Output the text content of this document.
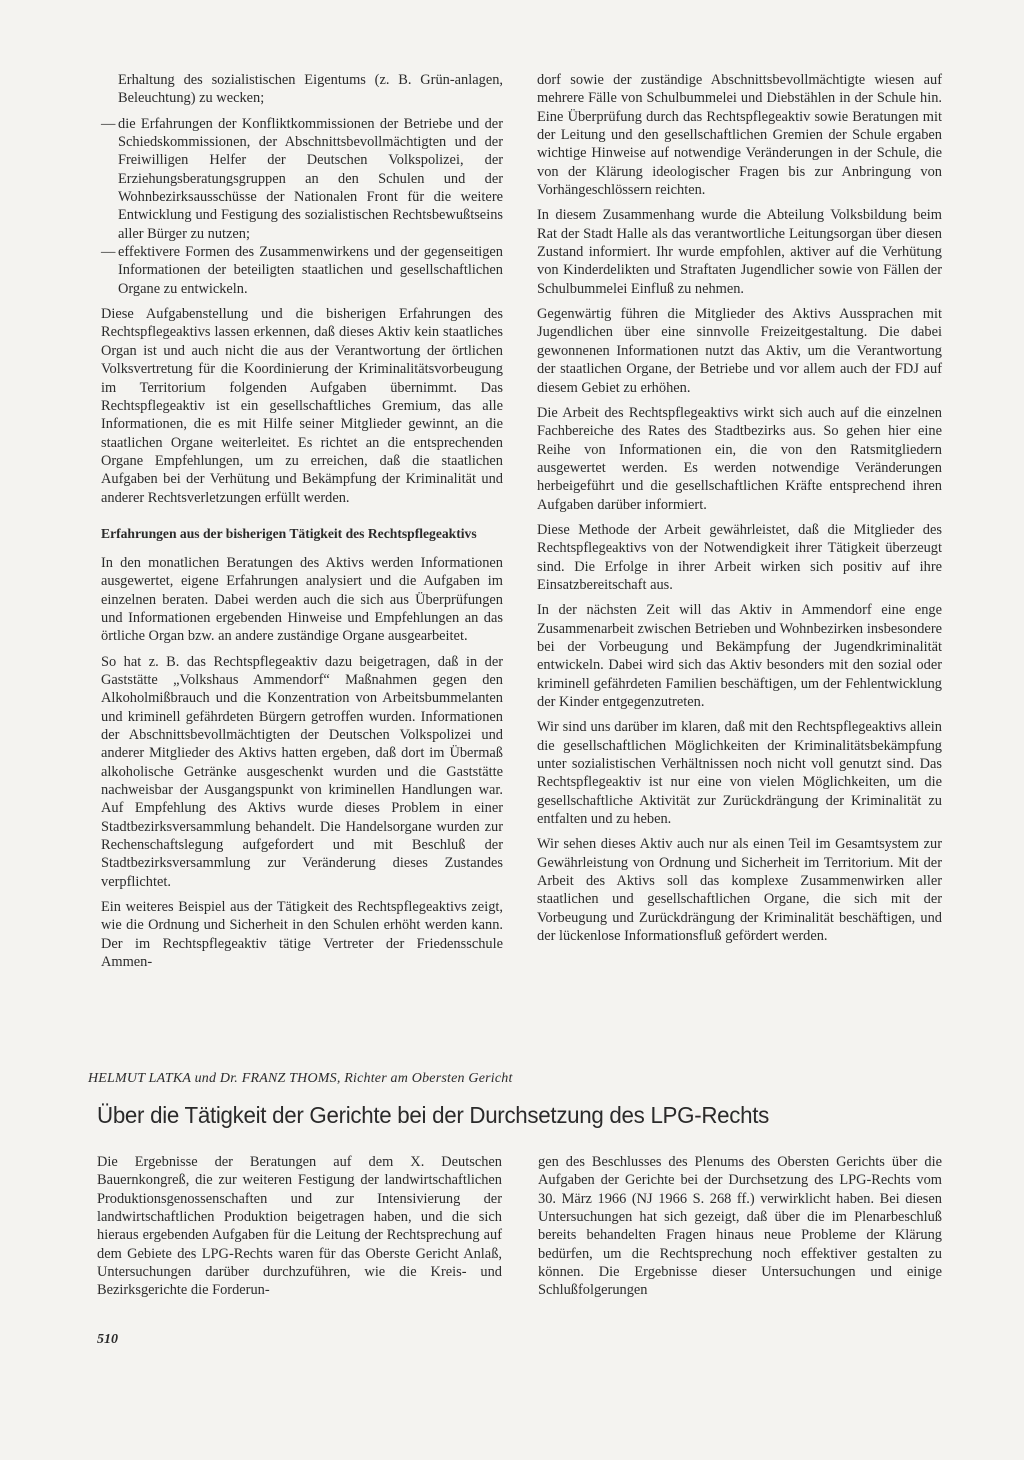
Erhaltung des sozialistischen Eigentums (z. B. Grün-anlagen, Beleuchtung) zu wecken;

— die Erfahrungen der Konfliktkommissionen der Betriebe und der Schiedskommissionen, der Abschnittsbevollmächtigten und der Freiwilligen Helfer der Deutschen Volkspolizei, der Erziehungsberatungsgruppen an den Schulen und der Wohnbezirksausschüsse der Nationalen Front für die weitere Entwicklung und Festigung des sozialistischen Rechtsbewußtseins aller Bürger zu nutzen;
— effektivere Formen des Zusammenwirkens und der gegenseitigen Informationen der beteiligten staatlichen und gesellschaftlichen Organe zu entwickeln.

Diese Aufgabenstellung und die bisherigen Erfahrungen des Rechtspflegeaktivs lassen erkennen, daß dieses Aktiv kein staatliches Organ ist und auch nicht die aus der Verantwortung der örtlichen Volksvertretung für die Koordinierung der Kriminalitätsvorbeugung im Territorium folgenden Aufgaben übernimmt. Das Rechtspflegeaktiv ist ein gesellschaftliches Gremium, das alle Informationen, die es mit Hilfe seiner Mitglieder gewinnt, an die staatlichen Organe weiterleitet. Es richtet an die entsprechenden Organe Empfehlungen, um zu erreichen, daß die staatlichen Aufgaben bei der Verhütung und Bekämpfung der Kriminalität und anderer Rechtsverletzungen erfüllt werden.

Erfahrungen aus der bisherigen Tätigkeit des Rechtspflegeaktivs

In den monatlichen Beratungen des Aktivs werden Informationen ausgewertet, eigene Erfahrungen analysiert und die Aufgaben im einzelnen beraten. Dabei werden auch die sich aus Überprüfungen und Informationen ergebenden Hinweise und Empfehlungen an das örtliche Organ bzw. an andere zuständige Organe ausgearbeitet.

So hat z. B. das Rechtspflegeaktiv dazu beigetragen, daß in der Gaststätte „Volkshaus Ammendorf“ Maßnahmen gegen den Alkoholmißbrauch und die Konzentration von Arbeitsbummelanten und kriminell gefährdeten Bürgern getroffen wurden. Informationen der Abschnittsbevollmächtigten der Deutschen Volkspolizei und anderer Mitglieder des Aktivs hatten ergeben, daß dort im Übermaß alkoholische Getränke ausgeschenkt wurden und die Gaststätte nachweisbar der Ausgangspunkt von kriminellen Handlungen war. Auf Empfehlung des Aktivs wurde dieses Problem in einer Stadtbezirksversammlung behandelt. Die Handelsorgane wurden zur Rechenschaftslegung aufgefordert und mit Beschluß der Stadtbezirksversammlung zur Veränderung dieses Zustandes verpflichtet.

Ein weiteres Beispiel aus der Tätigkeit des Rechtspflegeaktivs zeigt, wie die Ordnung und Sicherheit in den Schulen erhöht werden kann. Der im Rechtspflegeaktiv tätige Vertreter der Friedensschule Ammen-

dorf sowie der zuständige Abschnittsbevollmächtigte wiesen auf mehrere Fälle von Schulbummelei und Diebstählen in der Schule hin. Eine Überprüfung durch das Rechtspflegeaktiv sowie Beratungen mit der Leitung und den gesellschaftlichen Gremien der Schule ergaben wichtige Hinweise auf notwendige Veränderungen in der Schule, die von der Klärung ideologischer Fragen bis zur Anbringung von Vorhängeschlössern reichten.

In diesem Zusammenhang wurde die Abteilung Volksbildung beim Rat der Stadt Halle als das verantwortliche Leitungsorgan über diesen Zustand informiert. Ihr wurde empfohlen, aktiver auf die Verhütung von Kinderdelikten und Straftaten Jugendlicher sowie von Fällen der Schulbummelei Einfluß zu nehmen.

Gegenwärtig führen die Mitglieder des Aktivs Aussprachen mit Jugendlichen über eine sinnvolle Freizeitgestaltung. Die dabei gewonnenen Informationen nutzt das Aktiv, um die Verantwortung der staatlichen Organe, der Betriebe und vor allem auch der FDJ auf diesem Gebiet zu erhöhen.

Die Arbeit des Rechtspflegeaktivs wirkt sich auch auf die einzelnen Fachbereiche des Rates des Stadtbezirks aus. So gehen hier eine Reihe von Informationen ein, die von den Ratsmitgliedern ausgewertet werden. Es werden notwendige Veränderungen herbeigeführt und die gesellschaftlichen Kräfte entsprechend ihren Aufgaben darüber informiert.

Diese Methode der Arbeit gewährleistet, daß die Mitglieder des Rechtspflegeaktivs von der Notwendigkeit ihrer Tätigkeit überzeugt sind. Die Erfolge in ihrer Arbeit wirken sich positiv auf ihre Einsatzbereitschaft aus.

In der nächsten Zeit will das Aktiv in Ammendorf eine enge Zusammenarbeit zwischen Betrieben und Wohnbezirken insbesondere bei der Vorbeugung und Bekämpfung der Jugendkriminalität entwickeln. Dabei wird sich das Aktiv besonders mit den sozial oder kriminell gefährdeten Familien beschäftigen, um der Fehlentwicklung der Kinder entgegenzutreten.

Wir sind uns darüber im klaren, daß mit den Rechtspflegeaktivs allein die gesellschaftlichen Möglichkeiten der Kriminalitätsbekämpfung unter sozialistischen Verhältnissen noch nicht voll genutzt sind. Das Rechtspflegeaktiv ist nur eine von vielen Möglichkeiten, um die gesellschaftliche Aktivität zur Zurückdrängung der Kriminalität zu entfalten und zu heben.

Wir sehen dieses Aktiv auch nur als einen Teil im Gesamtsystem zur Gewährleistung von Ordnung und Sicherheit im Territorium. Mit der Arbeit des Aktivs soll das komplexe Zusammenwirken aller staatlichen und gesellschaftlichen Organe, die sich mit der Vorbeugung und Zurückdrängung der Kriminalität beschäftigen, und der lückenlose Informationsfluß gefördert werden.

HELMUT LATKA und Dr. FRANZ THOMS, Richter am Obersten Gericht
Über die Tätigkeit der Gerichte bei der Durchsetzung des LPG-Rechts

Die Ergebnisse der Beratungen auf dem X. Deutschen Bauernkongreß, die zur weiteren Festigung der landwirtschaftlichen Produktionsgenossenschaften und zur Intensivierung der landwirtschaftlichen Produktion beigetragen haben, und die sich hieraus ergebenden Aufgaben für die Leitung der Rechtsprechung auf dem Gebiete des LPG-Rechts waren für das Oberste Gericht Anlaß, Untersuchungen darüber durchzuführen, wie die Kreis- und Bezirksgerichte die Forderun-

gen des Beschlusses des Plenums des Obersten Gerichts über die Aufgaben der Gerichte bei der Durchsetzung des LPG-Rechts vom 30. März 1966 (NJ 1966 S. 268 ff.) verwirklicht haben. Bei diesen Untersuchungen hat sich gezeigt, daß über die im Plenarbeschluß bereits behandelten Fragen hinaus neue Probleme der Klärung bedürfen, um die Rechtsprechung noch effektiver gestalten zu können. Die Ergebnisse dieser Untersuchungen und einige Schlußfolgerungen

510
